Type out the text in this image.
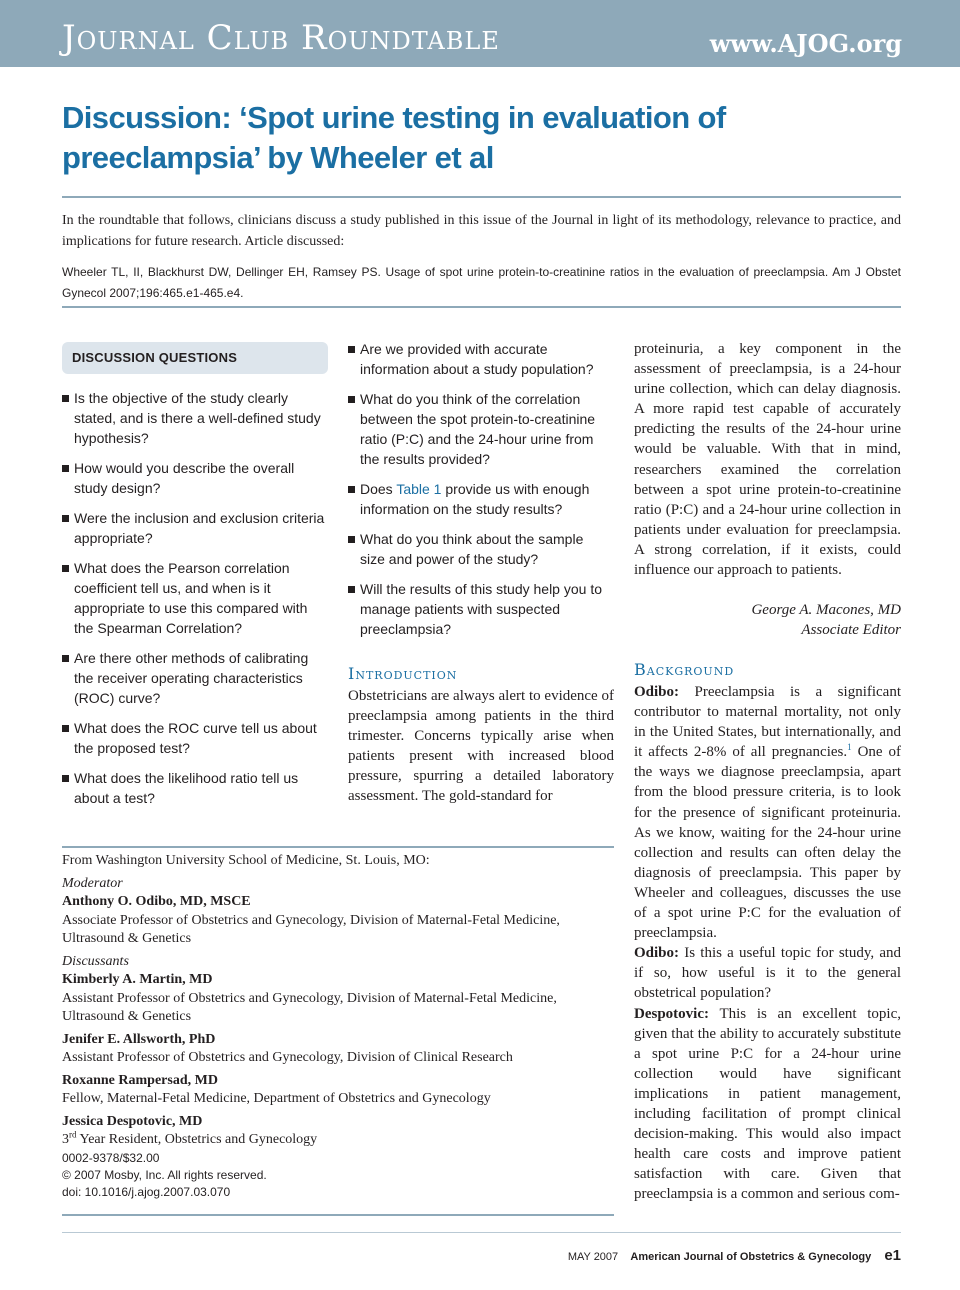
Journal Club Roundtable	www.AJOG.org
Discussion: ‘Spot urine testing in evaluation of preeclampsia’ by Wheeler et al
In the roundtable that follows, clinicians discuss a study published in this issue of the Journal in light of its methodology, relevance to practice, and implications for future research. Article discussed:
Wheeler TL, II, Blackhurst DW, Dellinger EH, Ramsey PS. Usage of spot urine protein-to-creatinine ratios in the evaluation of preeclampsia. Am J Obstet Gynecol 2007;196:465.e1-465.e4.
DISCUSSION QUESTIONS
Is the objective of the study clearly stated, and is there a well-defined study hypothesis?
How would you describe the overall study design?
Were the inclusion and exclusion criteria appropriate?
What does the Pearson correlation coefficient tell us, and when is it appropriate to use this compared with the Spearman Correlation?
Are there other methods of calibrating the receiver operating characteristics (ROC) curve?
What does the ROC curve tell us about the proposed test?
What does the likelihood ratio tell us about a test?
Are we provided with accurate information about a study population?
What do you think of the correlation between the spot protein-to-creatinine ratio (P:C) and the 24-hour urine from the results provided?
Does Table 1 provide us with enough information on the study results?
What do you think about the sample size and power of the study?
Will the results of this study help you to manage patients with suspected preeclampsia?
Introduction
Obstetricians are always alert to evidence of preeclampsia among patients in the third trimester. Concerns typically arise when patients present with increased blood pressure, spurring a detailed laboratory assessment. The gold-standard for
From Washington University School of Medicine, St. Louis, MO:
Moderator
Anthony O. Odibo, MD, MSCE
Associate Professor of Obstetrics and Gynecology, Division of Maternal-Fetal Medicine, Ultrasound & Genetics
Discussants
Kimberly A. Martin, MD
Assistant Professor of Obstetrics and Gynecology, Division of Maternal-Fetal Medicine, Ultrasound & Genetics
Jenifer E. Allsworth, PhD
Assistant Professor of Obstetrics and Gynecology, Division of Clinical Research
Roxanne Rampersad, MD
Fellow, Maternal-Fetal Medicine, Department of Obstetrics and Gynecology
Jessica Despotovic, MD
3rd Year Resident, Obstetrics and Gynecology
0002-9378/$32.00
© 2007 Mosby, Inc. All rights reserved.
doi: 10.1016/j.ajog.2007.03.070
proteinuria, a key component in the assessment of preeclampsia, is a 24-hour urine collection, which can delay diagnosis. A more rapid test capable of accurately predicting the results of the 24-hour urine would be valuable. With that in mind, researchers examined the correlation between a spot urine protein-to-creatinine ratio (P:C) and a 24-hour urine collection in patients under evaluation for preeclampsia. A strong correlation, if it exists, could influence our approach to patients.
George A. Macones, MD
Associate Editor
Background
Odibo: Preeclampsia is a significant contributor to maternal mortality, not only in the United States, but internationally, and it affects 2-8% of all pregnancies.$^1$ One of the ways we diagnose preeclampsia, apart from the blood pressure criteria, is to look for the presence of significant proteinuria. As we know, waiting for the 24-hour urine collection and results can often delay the diagnosis of preeclampsia. This paper by Wheeler and colleagues, discusses the use of a spot urine P:C for the evaluation of preeclampsia.
Odibo: Is this a useful topic for study, and if so, how useful is it to the general obstetrical population?
Despotovic: This is an excellent topic, given that the ability to accurately substitute a spot urine P:C for a 24-hour urine collection would have significant implications in patient management, including facilitation of prompt clinical decision-making. This would also impact health care costs and improve patient satisfaction with care. Given that preeclampsia is a common and serious com-
MAY 2007 American Journal of Obstetrics & Gynecology e1
